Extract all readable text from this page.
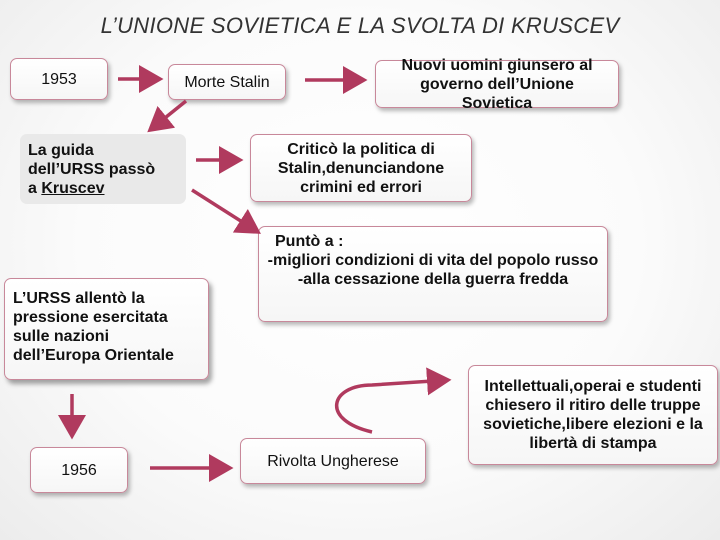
L’UNIONE SOVIETICA E LA SVOLTA DI KRUSCEV
1953	Morte Stalin
Nuovi uomini giunsero al governo dell’Unione Sovietica
La guida
dell’URSS passò
a Kruscev
Criticò la politica di Stalin,denunciandone crimini ed errori
Puntò a :
-migliori condizioni di vita del popolo russo
-alla cessazione della guerra fredda
L’URSS allentò la pressione esercitata sulle nazioni dell’Europa Orientale
1956
Rivolta Ungherese
Intellettuali,operai e studenti chiesero il ritiro delle truppe sovietiche,libere elezioni e la libertà di stampa
